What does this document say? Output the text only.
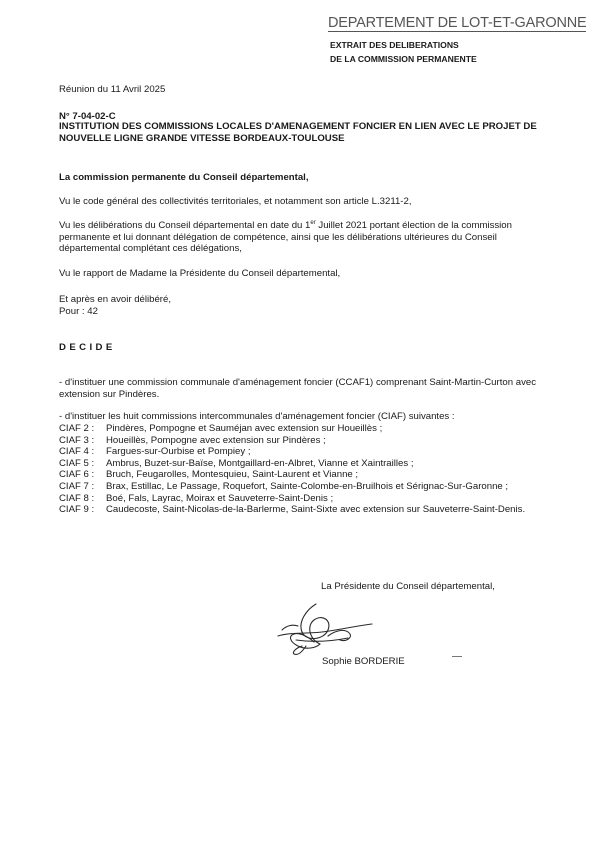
DEPARTEMENT DE LOT-ET-GARONNE
EXTRAIT DES DELIBERATIONS
DE LA COMMISSION PERMANENTE
Réunion du 11 Avril 2025
N° 7-04-02-C
INSTITUTION DES COMMISSIONS LOCALES D'AMENAGEMENT FONCIER EN LIEN AVEC LE PROJET DE NOUVELLE LIGNE GRANDE VITESSE BORDEAUX-TOULOUSE
La commission permanente du Conseil départemental,
Vu le code général des collectivités territoriales, et notamment son article L.3211-2,
Vu les délibérations du Conseil départemental en date du 1er Juillet 2021 portant élection de la commission permanente et lui donnant délégation de compétence, ainsi que les délibérations ultérieures du Conseil départemental complétant ces délégations,
Vu le rapport de Madame la Présidente du Conseil départemental,
Et après en avoir délibéré,
Pour : 42
DECIDE
- d'instituer une commission communale d'aménagement foncier (CCAF1) comprenant Saint-Martin-Curton avec extension sur Pindères.
- d'instituer les huit commissions intercommunales d'aménagement foncier (CIAF) suivantes :
CIAF 2 :	Pindères, Pompogne et Sauméjan avec extension sur Houeillès ;
CIAF 3 :	Houeillès, Pompogne avec extension sur Pindères ;
CIAF 4 :	Fargues-sur-Ourbise et Pompiey ;
CIAF 5 :	Ambrus, Buzet-sur-Baïse, Montgaillard-en-Albret, Vianne et Xaintrailles ;
CIAF 6 :	Bruch, Feugarolles, Montesquieu, Saint-Laurent et Vianne ;
CIAF 7 :	Brax, Estillac, Le Passage, Roquefort, Sainte-Colombe-en-Bruilhois et Sérignac-Sur-Garonne ;
CIAF 8 :	Boé, Fals, Layrac, Moirax et Sauveterre-Saint-Denis ;
CIAF 9 :	Caudecoste, Saint-Nicolas-de-la-Barlerme, Saint-Sixte avec extension sur Sauveterre-Saint-Denis.
La Présidente du Conseil départemental,
Sophie BORDERIE
